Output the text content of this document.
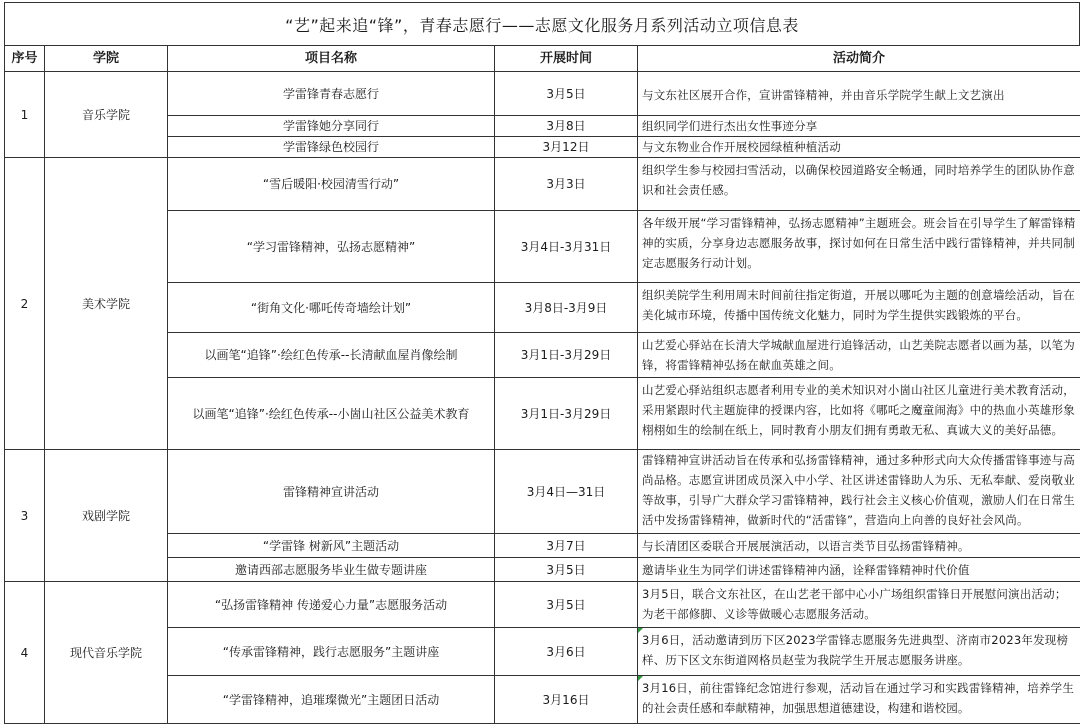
“艺”起来追“锋”，青春志愿行——志愿文化服务月系列活动立项信息表
序号	学院	项目名称	开展时间	活动简介
1	音乐学院	学雷锋青春志愿行	3月5日	与文东社区展开合作，宣讲雷锋精神，并由音乐学院学生献上文艺演出
		学雷锋她分享同行	3月8日	组织同学们进行杰出女性事迹分享
		学雷锋绿色校园行	3月12日	与文东物业合作开展校园绿植种植活动
2	美术学院	“雪后暖阳·校园清雪行动”	3月3日	组织学生参与校园扫雪活动，以确保校园道路安全畅通，同时培养学生的团队协作意识和社会责任感。
		“学习雷锋精神，弘扬志愿精神”	3月4日-3月31日	各年级开展“学习雷锋精神，弘扬志愿精神”主题班会。班会旨在引导学生了解雷锋精神的实质，分享身边志愿服务故事，探讨如何在日常生活中践行雷锋精神，并共同制定志愿服务行动计划。
		“街角文化·哪吒传奇墙绘计划”	3月8日-3月9日	组织美院学生利用周末时间前往指定街道，开展以哪吒为主题的创意墙绘活动，旨在美化城市环境，传播中国传统文化魅力，同时为学生提供实践锻炼的平台。
		以画笔“追锋”·绘红色传承--长清献血屋肖像绘制	3月1日-3月29日	山艺爱心驿站在长清大学城献血屋进行追锋活动，山艺美院志愿者以画为基，以笔为锋，将雷锋精神弘扬在献血英雄之间。
		以画笔“追锋”·绘红色传承--小崮山社区公益美术教育	3月1日-3月29日	山艺爱心驿站组织志愿者利用专业的美术知识对小崮山社区儿童进行美术教育活动，采用紧跟时代主题旋律的授课内容，比如将《哪吒之魔童闹海》中的热血小英雄形象栩栩如生的绘制在纸上，同时教育小朋友们拥有勇敢无私、真诚大义的美好品德。
3	戏剧学院	雷锋精神宣讲活动	3月4日—31日	雷锋精神宣讲活动旨在传承和弘扬雷锋精神，通过多种形式向大众传播雷锋事迹与高尚品格。志愿宣讲团成员深入中小学、社区讲述雷锋助人为乐、无私奉献、爱岗敬业等故事，引导广大群众学习雷锋精神，践行社会主义核心价值观，激励人们在日常生活中发扬雷锋精神，做新时代的“活雷锋”，营造向上向善的良好社会风尚。

		“学雷锋 树新风”主题活动	3月7日	与长清团区委联合开展展演活动，以语言类节目弘扬雷锋精神。
		邀请西部志愿服务毕业生做专题讲座	3月5日	邀请毕业生为同学们讲述雷锋精神内涵，诠释雷锋精神时代价值
4	现代音乐学院	“弘扬雷锋精神 传递爱心力量”志愿服务活动	3月5日	3月5日，联合文东社区，在山艺老干部中心小广场组织雷锋日开展慰问演出活动；为老干部修脚、义诊等做暖心志愿服务活动。
		“传承雷锋精神，践行志愿服务”主题讲座	3月6日	3月6日，活动邀请到历下区2023学雷锋志愿服务先进典型、济南市2023年发现榜样、历下区文东街道网格员赵莹为我院学生开展志愿服务讲座。
		“学雷锋精神，追璀璨微光”主题团日活动	3月16日	3月16日，前往雷锋纪念馆进行参观，活动旨在通过学习和实践雷锋精神，培养学生的社会责任感和奉献精神，加强思想道德建设，构建和谐校园。
